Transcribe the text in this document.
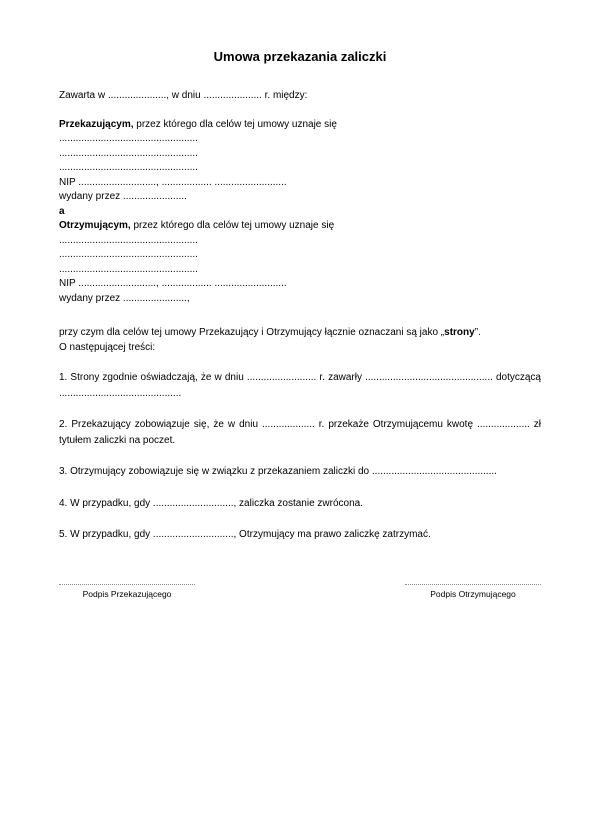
Umowa przekazania zaliczki

Zawarta w ....................., w dniu ..................... r. między:

Przekazującym, przez którego dla celów tej umowy uznaje się

..................................................

..................................................

..................................................

NIP ............................, .................. ..........................

wydany przez .......................

a

Otrzymującym, przez którego dla celów tej umowy uznaje się

..................................................

..................................................

..................................................

NIP ............................, .................. ..........................

wydany przez .......................,

przy czym dla celów tej umowy Przekazujący i Otrzymujący łącznie oznaczani są jako „strony”.

O następującej treści:

1. Strony zgodnie oświadczają, że w dniu ......................... r. zawarły .............................................. dotyczącą ............................................

2. Przekazujący zobowiązuje się, że w dniu ................... r. przekaże Otrzymującemu kwotę ................... zł tytułem zaliczki na poczet.

3. Otrzymujący zobowiązuje się w związku z przekazaniem zaliczki do .............................................

4. W przypadku, gdy ............................., zaliczka zostanie zwrócona.

5. W przypadku, gdy ............................., Otrzymujący ma prawo zaliczkę zatrzymać.

Podpis Przekazującego	Podpis Otrzymującego
